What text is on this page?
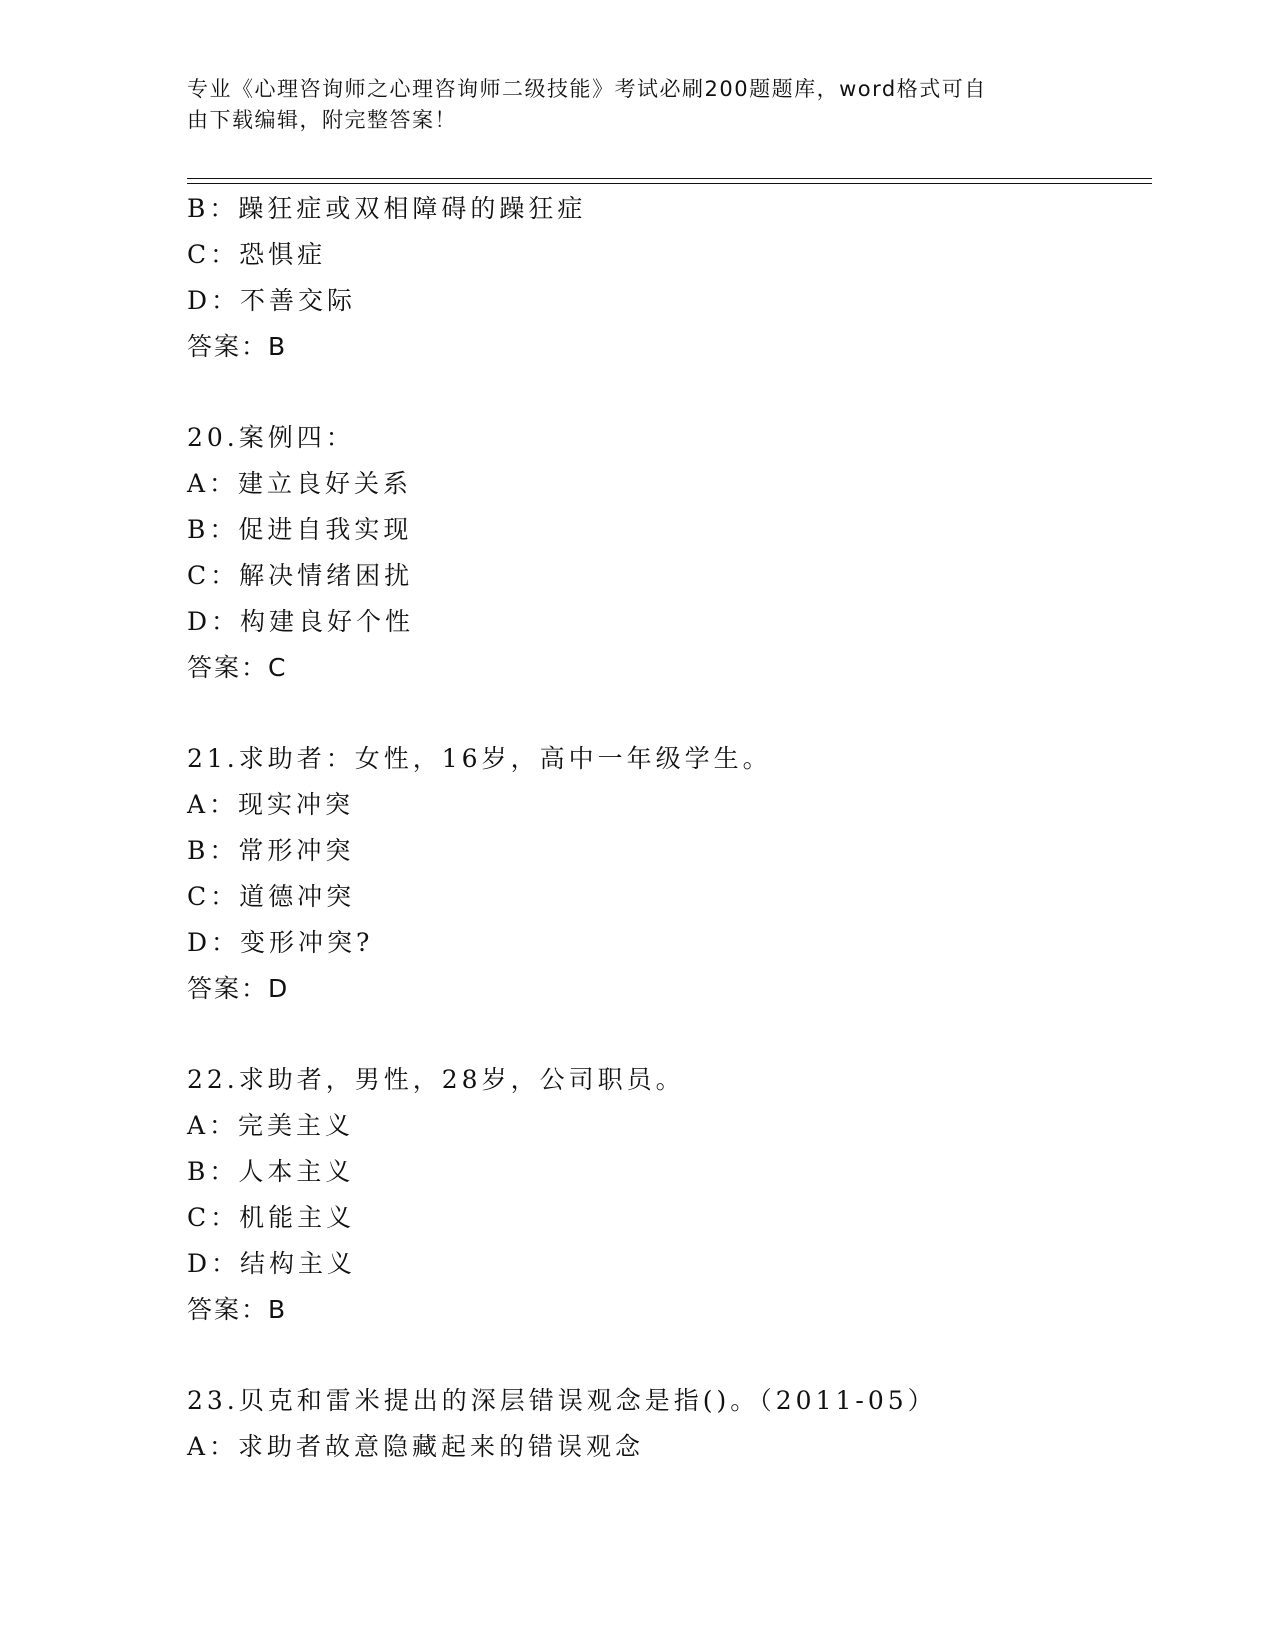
专业《心理咨询师之心理咨询师二级技能》考试必刷200题题库，word格式可自
由下载编辑，附完整答案！
B：躁狂症或双相障碍的躁狂症
C：恐惧症
D：不善交际
答案：B
20.案例四：
A：建立良好关系
B：促进自我实现
C：解决情绪困扰
D：构建良好个性
答案：C
21.求助者：女性，16岁，高中一年级学生。
A：现实冲突
B：常形冲突
C：道德冲突
D：变形冲突?
答案：D
22.求助者，男性，28岁，公司职员。
A：完美主义
B：人本主义
C：机能主义
D：结构主义
答案：B
23.贝克和雷米提出的深层错误观念是指()。（2011-05）
A：求助者故意隐藏起来的错误观念
